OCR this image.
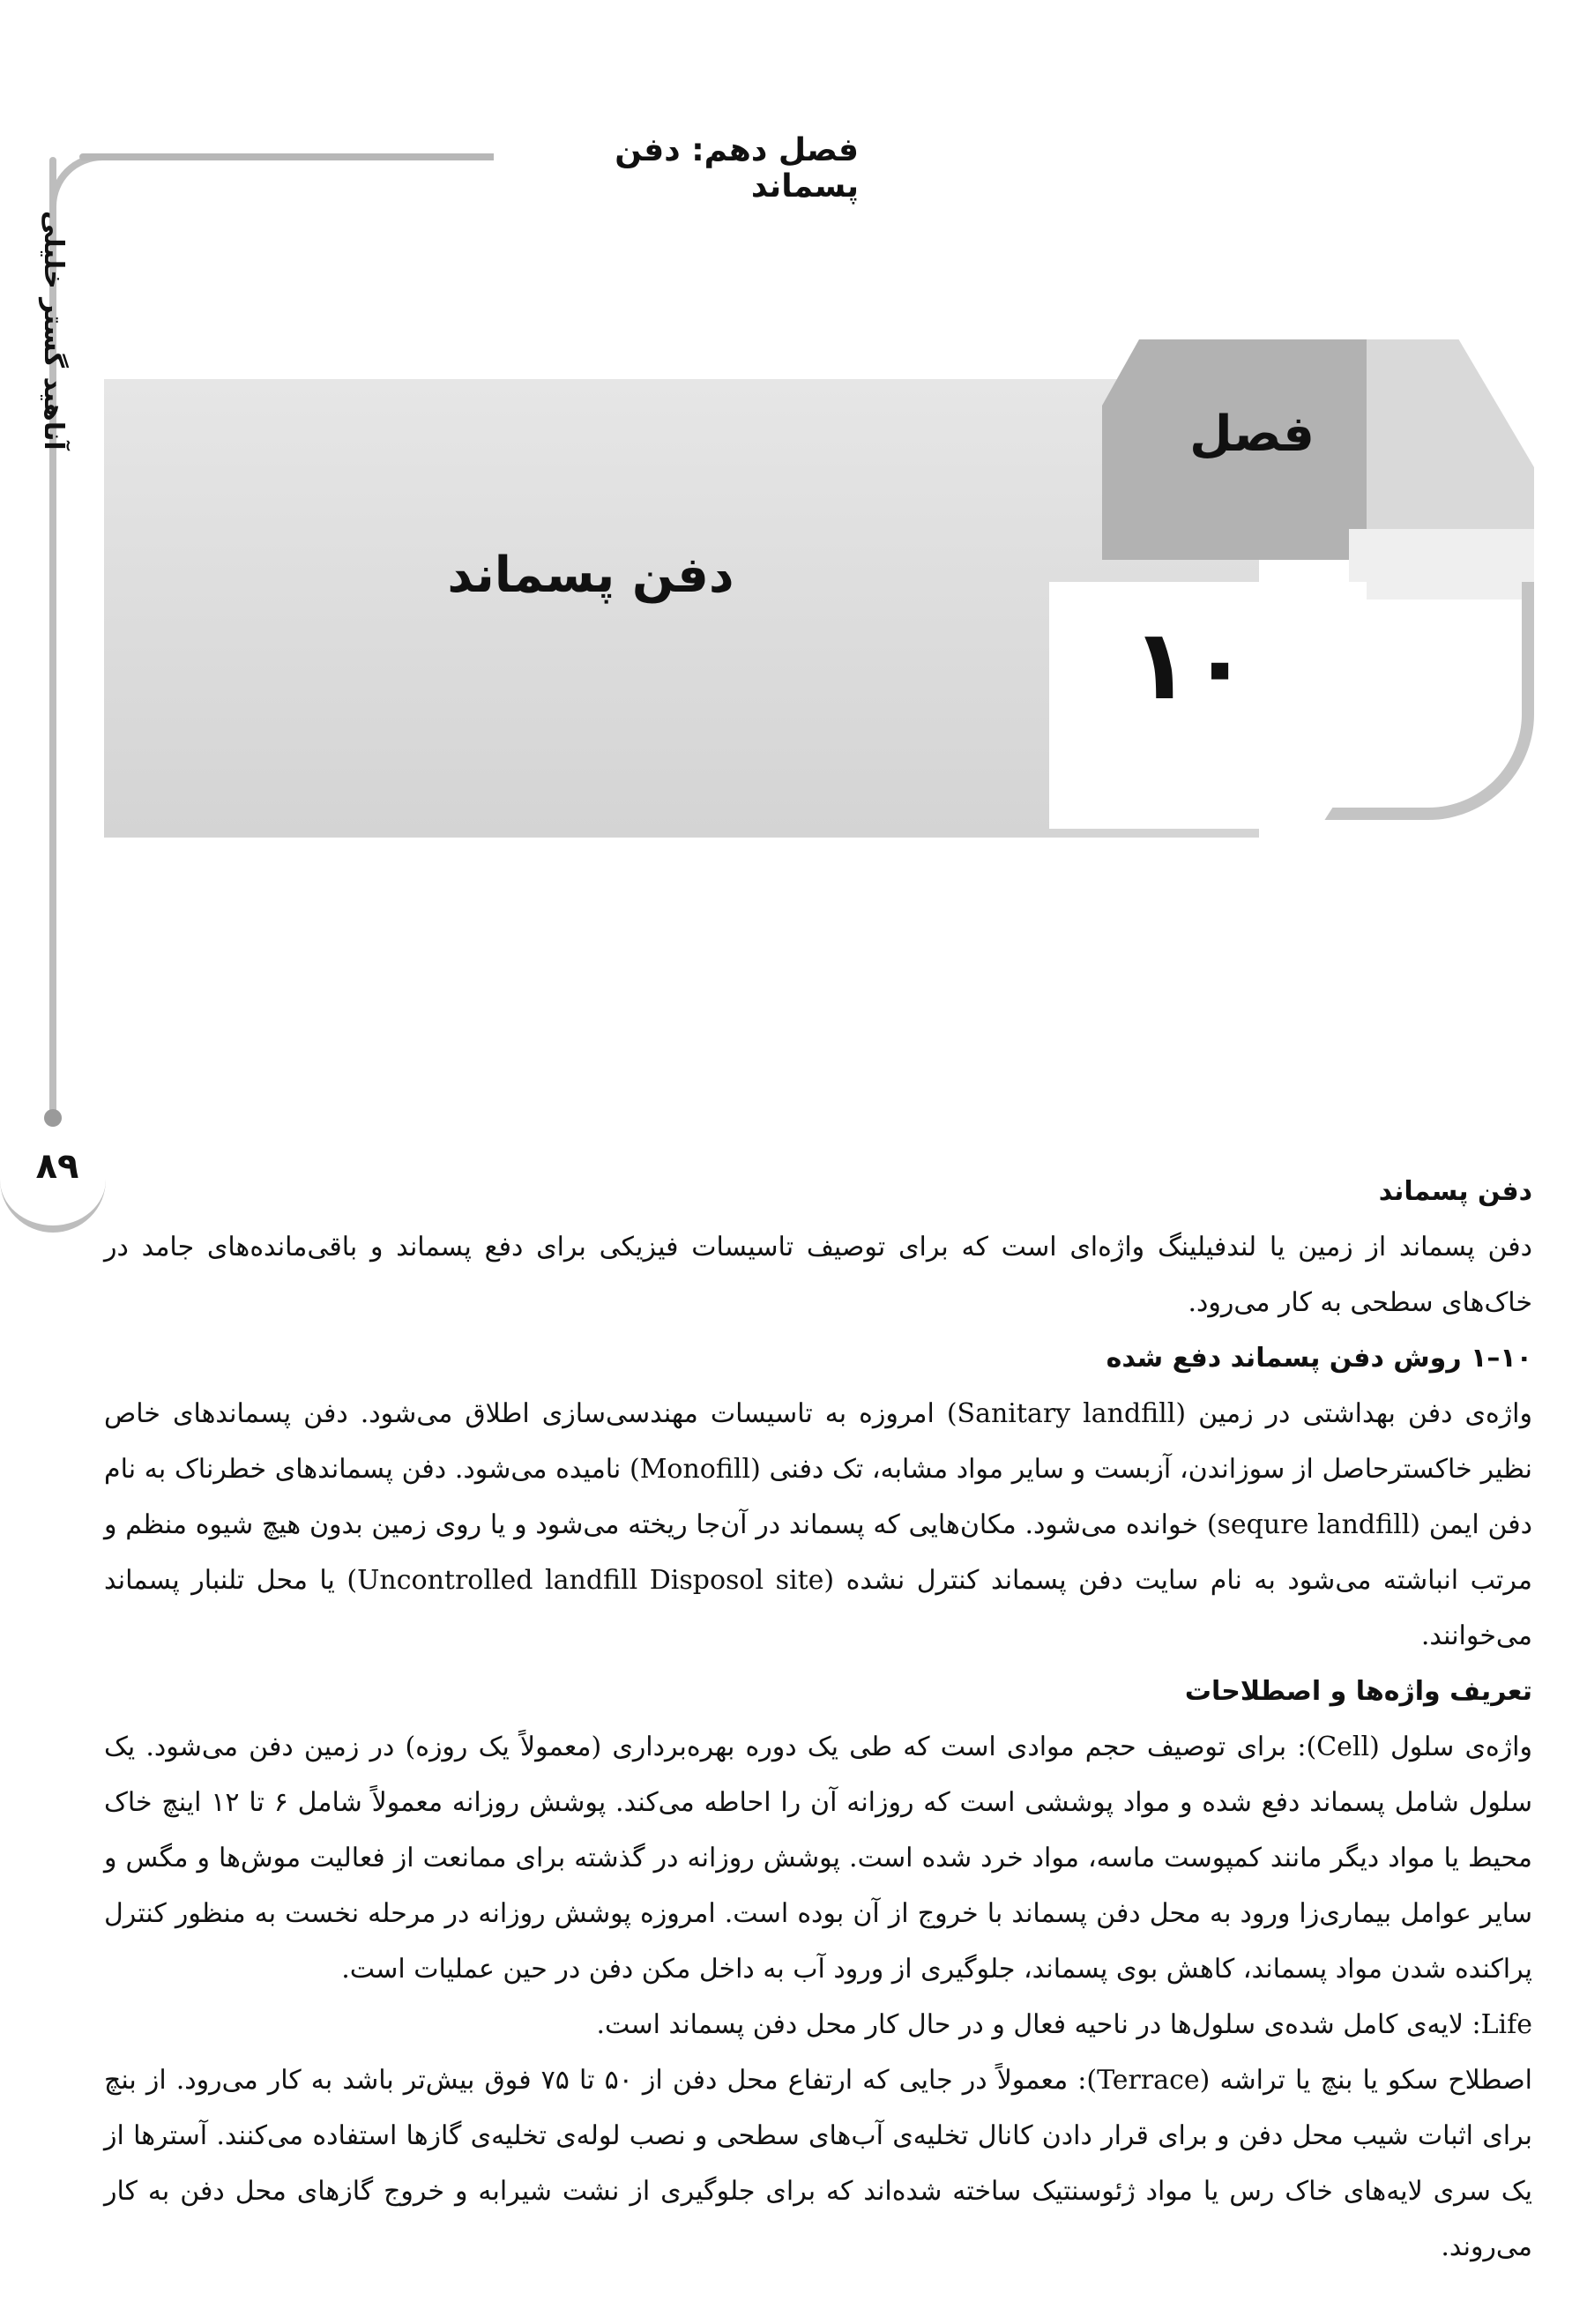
فصل دهم: دفن پسماند
آناهید گستر خلیلی
۸۹
دفن پسماند
فصل
۱۰
دفن پسماند

دفن پسماند از زمین یا لندفیلینگ واژه‌ای است که برای توصیف تاسیسات فیزیکی برای دفع پسماند و باقی‌مانده‌های جامد در خاک‌های سطحی به کار می‌رود.

۱۰–۱ روش دفن پسماند دفع شده

واژه‌ی دفن بهداشتی در زمین (Sanitary landfill) امروزه به تاسیسات مهندسی‌سازی اطلاق می‌شود. دفن پسماندهای خاص نظیر خاکسترحاصل از سوزاندن، آزبست و سایر مواد مشابه، تک دفنی (Monofill) نامیده می‌شود. دفن پسماندهای خطرناک به نام دفن ایمن (sequre landfill) خوانده می‌شود. مکان‌هایی که پسماند در آن‌جا ریخته می‌شود و یا روی زمین بدون هیچ شیوه منظم و مرتب انباشته می‌شود به نام سایت دفن پسماند کنترل نشده (Uncontrolled landfill Disposol site) یا محل تلنبار پسماند می‌خوانند.

تعریف واژه‌ها و اصطلاحات

واژه‌ی سلول (Cell): برای توصیف حجم موادی است که طی یک دوره بهره‌برداری (معمولاً یک روزه) در زمین دفن می‌شود. یک سلول شامل پسماند دفع شده و مواد پوششی است که روزانه آن را احاطه می‌کند. پوشش روزانه معمولاً شامل ۶ تا ۱۲ اینچ خاک محیط یا مواد دیگر مانند کمپوست ماسه، مواد خرد شده است. پوشش روزانه در گذشته برای ممانعت از فعالیت موش‌ها و مگس و سایر عوامل بیماری‌زا ورود به محل دفن پسماند با خروج از آن بوده است. امروزه پوشش روزانه در مرحله نخست به منظور کنترل پراکنده شدن مواد پسماند، کاهش بوی پسماند، جلوگیری از ورود آب به داخل مکن دفن در حین عملیات است.

Life: لایه‌ی کامل شده‌ی سلول‌ها در ناحیه فعال و در حال کار محل دفن پسماند است.

اصطلاح سکو یا بنچ یا تراشه (Terrace): معمولاً در جایی که ارتفاع محل دفن از ۵۰ تا ۷۵ فوق بیش‌تر باشد به کار می‌رود. از بنچ برای اثبات شیب محل دفن و برای قرار دادن کانال تخلیه‌ی آب‌های سطحی و نصب لوله‌ی تخلیه‌ی گازها استفاده می‌کنند. آسترها از یک سری لایه‌های خاک رس یا مواد ژئوسنتیک ساخته شده‌اند که برای جلوگیری از نشت شیرابه و خروج گازهای محل دفن به کار می‌روند.
